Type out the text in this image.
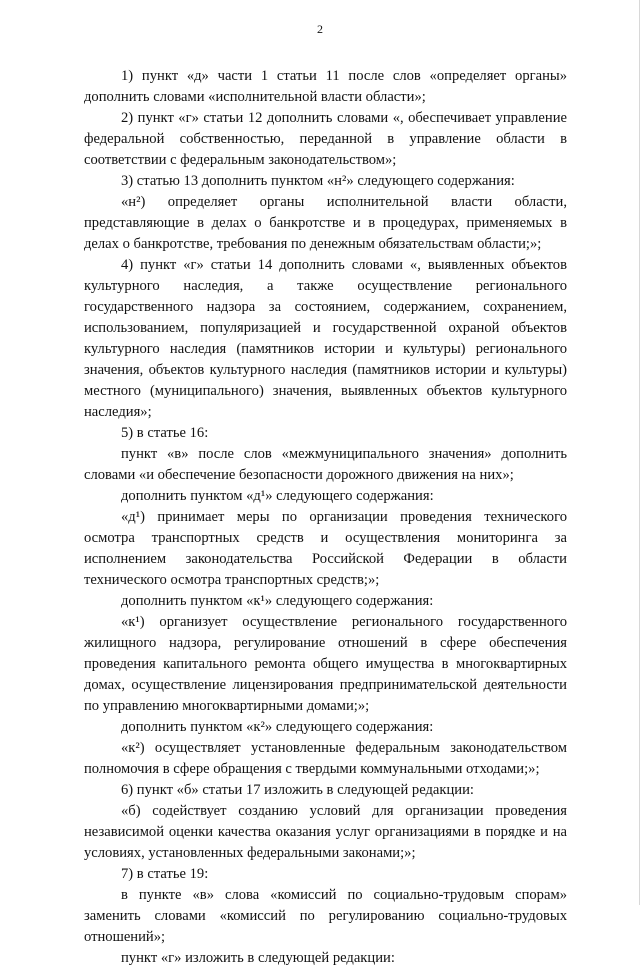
2

1) пункт «д» части 1 статьи 11 после слов «определяет органы» дополнить словами «исполнительной власти области»;

2) пункт «г» статьи 12 дополнить словами «, обеспечивает управление федеральной собственностью, переданной в управление области в соответствии с федеральным законодательством»;

3) статью 13 дополнить пунктом «н²» следующего содержания:

«н²) определяет органы исполнительной власти области, представляющие в делах о банкротстве и в процедурах, применяемых в делах о банкротстве, требования по денежным обязательствам области;»;

4) пункт «г» статьи 14 дополнить словами «, выявленных объектов культурного наследия, а также осуществление регионального государственного надзора за состоянием, содержанием, сохранением, использованием, популяризацией и государственной охраной объектов культурного наследия (памятников истории и культуры) регионального значения, объектов культурного наследия (памятников истории и культуры) местного (муниципального) значения, выявленных объектов культурного наследия»;

5) в статье 16:

пункт «в» после слов «межмуниципального значения» дополнить словами «и обеспечение безопасности дорожного движения на них»;

дополнить пунктом «д¹» следующего содержания:

«д¹) принимает меры по организации проведения технического осмотра транспортных средств и осуществления мониторинга за исполнением законодательства Российской Федерации в области технического осмотра транспортных средств;»;

дополнить пунктом «к¹» следующего содержания:

«к¹) организует осуществление регионального государственного жилищного надзора, регулирование отношений в сфере обеспечения проведения капитального ремонта общего имущества в многоквартирных домах, осуществление лицензирования предпринимательской деятельности по управлению многоквартирными домами;»;

дополнить пунктом «к²» следующего содержания:

«к²) осуществляет установленные федеральным законодательством полномочия в сфере обращения с твердыми коммунальными отходами;»;

6) пункт «б» статьи 17 изложить в следующей редакции:

«б) содействует созданию условий для организации проведения независимой оценки качества оказания услуг организациями в порядке и на условиях, установленных федеральными законами;»;

7) в статье 19:

в пункте «в» слова «комиссий по социально-трудовым спорам» заменить словами «комиссий по регулированию социально-трудовых отношений»;

пункт «г» изложить в следующей редакции:
